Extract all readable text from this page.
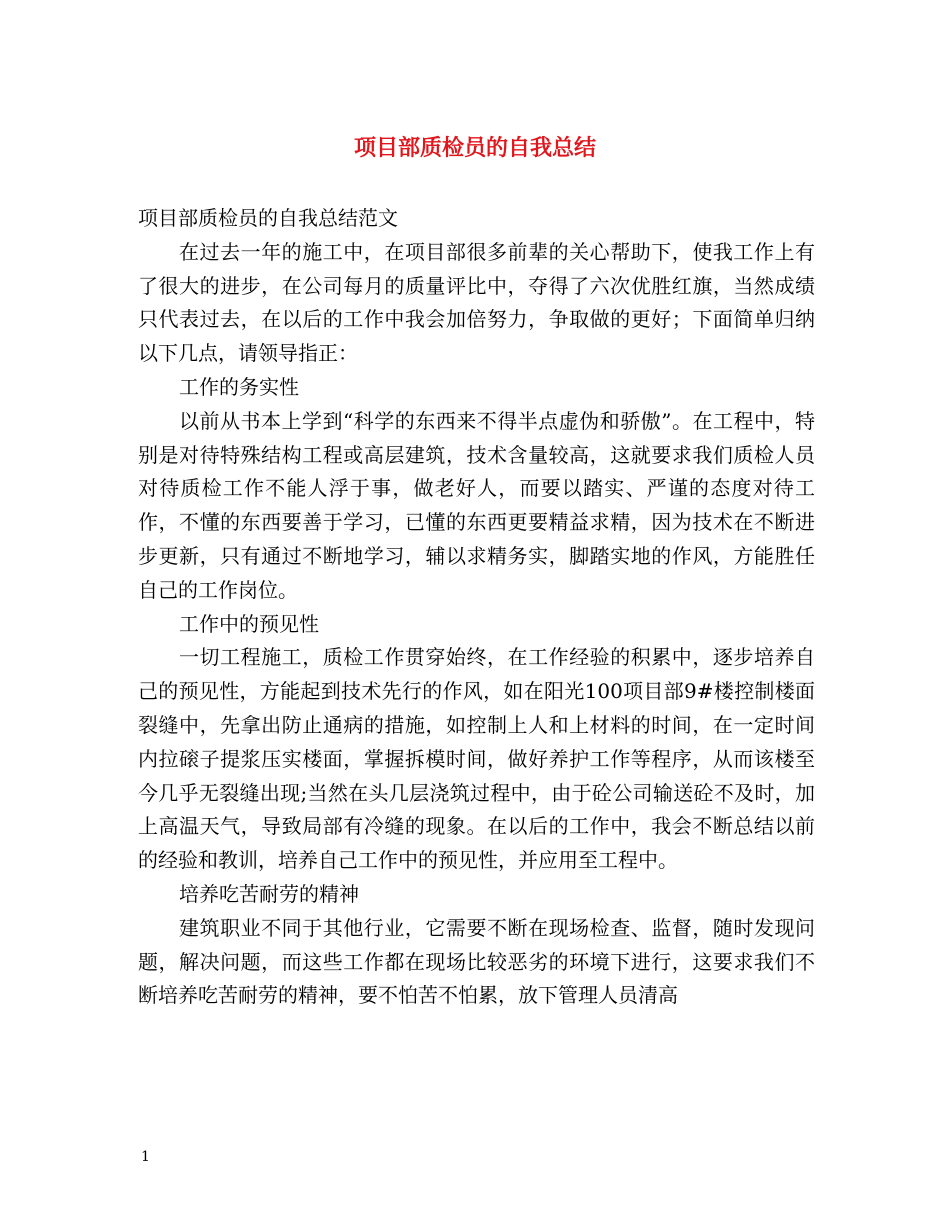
项目部质检员的自我总结

项目部质检员的自我总结范文

在过去一年的施工中，在项目部很多前辈的关心帮助下，使我工作上有了很大的进步，在公司每月的质量评比中，夺得了六次优胜红旗，当然成绩只代表过去，在以后的工作中我会加倍努力，争取做的更好；下面简单归纳以下几点，请领导指正：

工作的务实性

以前从书本上学到“科学的东西来不得半点虚伪和骄傲”。在工程中，特别是对待特殊结构工程或高层建筑，技术含量较高，这就要求我们质检人员对待质检工作不能人浮于事，做老好人，而要以踏实、严谨的态度对待工作，不懂的东西要善于学习，已懂的东西更要精益求精，因为技术在不断进步更新，只有通过不断地学习，辅以求精务实，脚踏实地的作风，方能胜任自己的工作岗位。

工作中的预见性

一切工程施工，质检工作贯穿始终，在工作经验的积累中，逐步培养自己的预见性，方能起到技术先行的作风，如在阳光100项目部9#楼控制楼面裂缝中，先拿出防止通病的措施，如控制上人和上材料的时间，在一定时间内拉磙子提浆压实楼面，掌握拆模时间，做好养护工作等程序，从而该楼至今几乎无裂缝出现;当然在头几层浇筑过程中，由于砼公司输送砼不及时，加上高温天气，导致局部有冷缝的现象。在以后的工作中，我会不断总结以前的经验和教训，培养自己工作中的预见性，并应用至工程中。

培养吃苦耐劳的精神

建筑职业不同于其他行业，它需要不断在现场检查、监督，随时发现问题，解决问题，而这些工作都在现场比较恶劣的环境下进行，这要求我们不断培养吃苦耐劳的精神，要不怕苦不怕累，放下管理人员清高

1
